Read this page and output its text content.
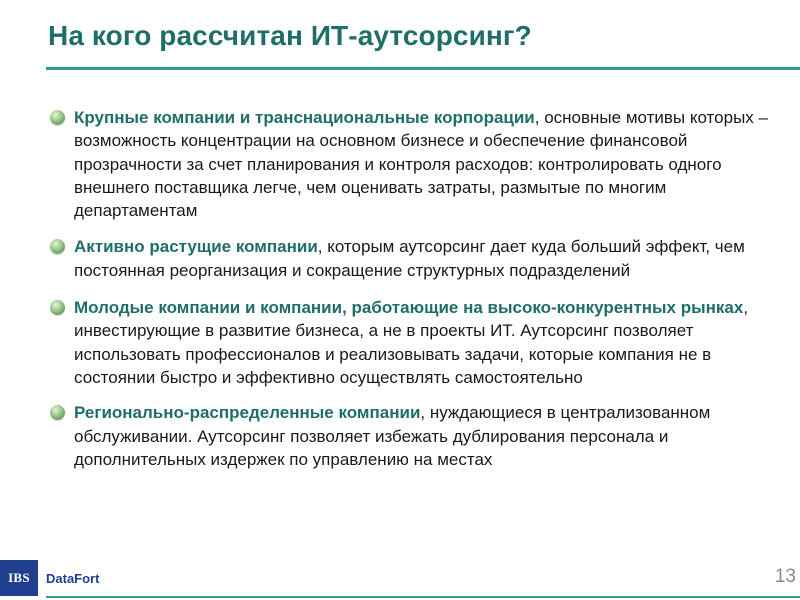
На кого рассчитан ИТ-аутсорсинг?
Крупные компании и транснациональные корпорации, основные мотивы которых – возможность концентрации на основном бизнесе и обеспечение финансовой прозрачности за счет планирования и контроля расходов: контролировать одного внешнего поставщика легче, чем оценивать затраты, размытые по многим департаментам
Активно растущие компании, которым аутсорсинг дает куда больший эффект, чем постоянная реорганизация и сокращение структурных подразделений
Молодые компании и компании, работающие на высоко-конкурентных рынках, инвестирующие в развитие бизнеса, а не в проекты ИТ. Аутсорсинг позволяет использовать профессионалов и реализовывать задачи, которые компания не в состоянии быстро и эффективно осуществлять самостоятельно
Регионально-распределенные компании, нуждающиеся в централизованном обслуживании. Аутсорсинг позволяет избежать дублирования персонала и дополнительных издержек по управлению на местах
IBS	DataFort	13
